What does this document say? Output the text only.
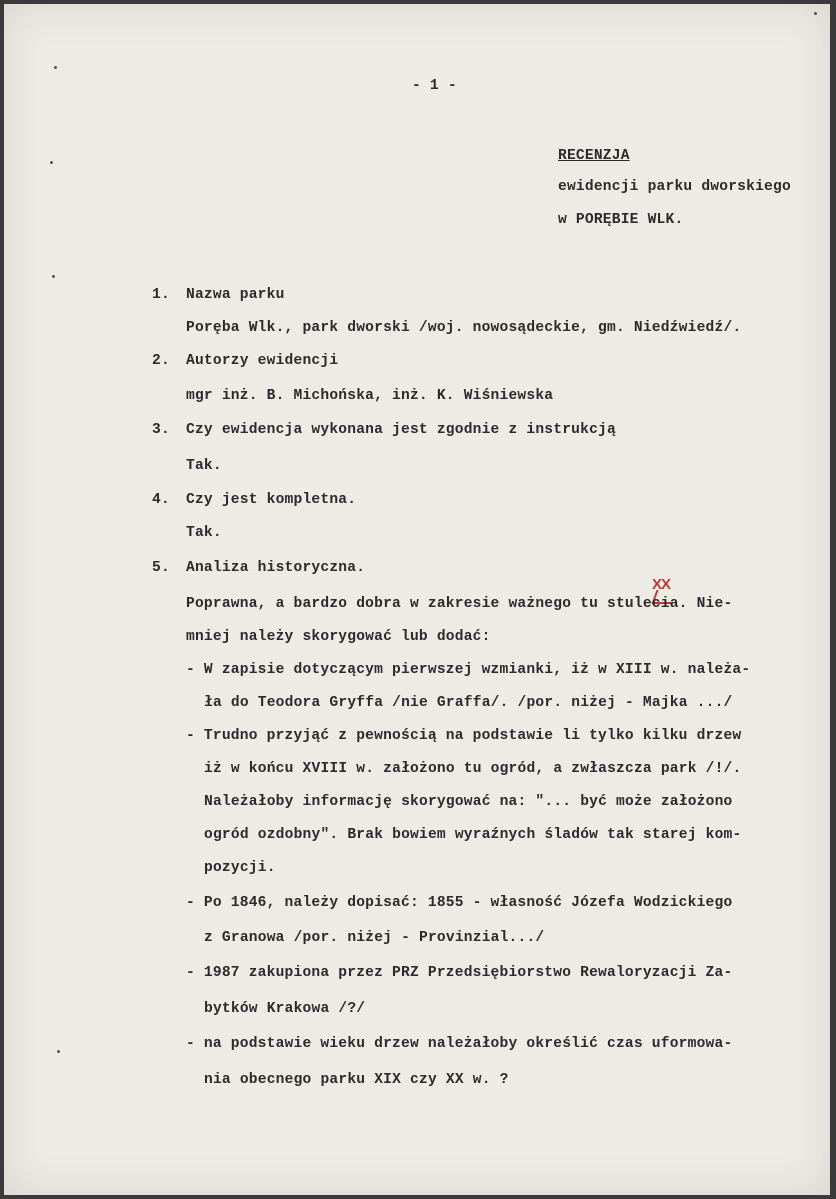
- 1 -
RECENZJA
ewidencji parku dworskiego
w PORĘBIE WLK.
1. Nazwa parku
Poręba Wlk., park dworski /woj. nowosądeckie, gm. Niedźwiedź/.
2. Autorzy ewidencji
mgr inż. B. Michońska, inż. K. Wiśniewska
3. Czy ewidencja wykonana jest zgodnie z instrukcją
Tak.
4. Czy jest kompletna.
Tak.
5. Analiza historyczna.
XX
Poprawna, a bardzo dobra w zakresie ważnego tu stulecia. Nie-
mniej należy skorygować lub dodać:
- W zapisie dotyczącym pierwszej wzmianki, iż w XIII w. należa-
ła do Teodora Gryffa /nie Graffa/. /por. niżej - Majka .../
- Trudno przyjąć z pewnością na podstawie li tylko kilku drzew
iż w końcu XVIII w. założono tu ogród, a zwłaszcza park /!/.
Należałoby informację skorygować na: "... być może założono
ogród ozdobny". Brak bowiem wyraźnych śladów tak starej kom-
pozycji.
- Po 1846, należy dopisać: 1855 - własność Józefa Wodzickiego
z Granowa /por. niżej - Provinzial.../
- 1987 zakupiona przez PRZ Przedsiębiorstwo Rewaloryzacji Za-
bytków Krakowa /?/
- na podstawie wieku drzew należałoby określić czas uformowa-
nia obecnego parku XIX czy XX w. ?
